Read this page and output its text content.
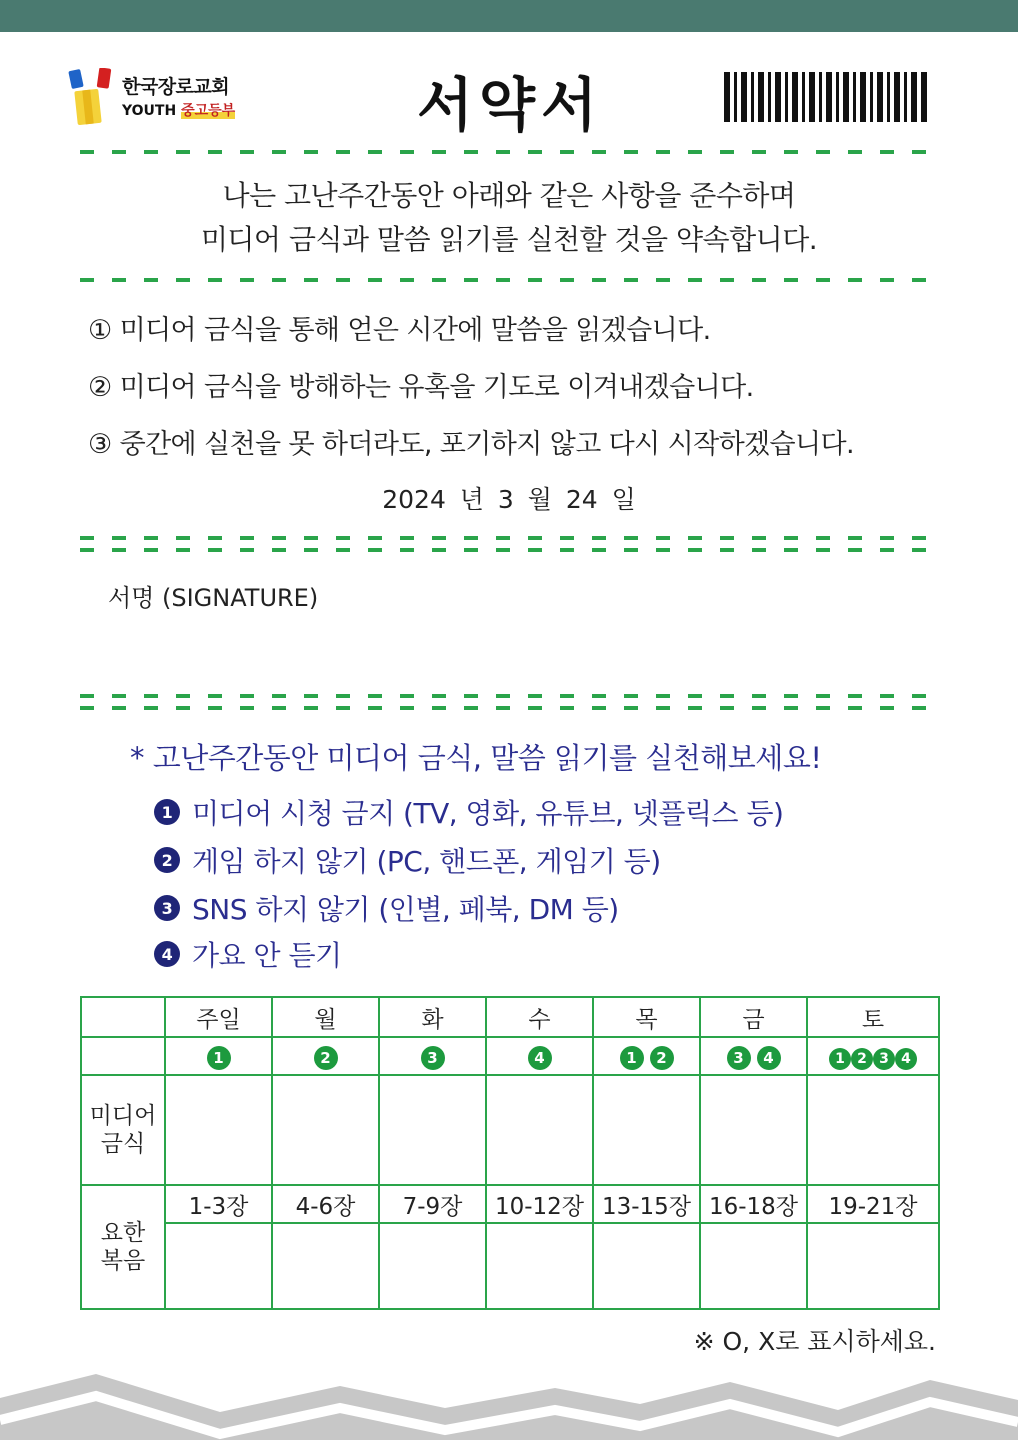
한국장로교회
YOUTH 중고등부	서약서
나는 고난주간동안 아래와 같은 사항을 준수하며
미디어 금식과 말씀 읽기를 실천할 것을 약속합니다.
① 미디어 금식을 통해 얻은 시간에 말씀을 읽겠습니다.
② 미디어 금식을 방해하는 유혹을 기도로 이겨내겠습니다.
③ 중간에 실천을 못 하더라도, 포기하지 않고 다시 시작하겠습니다.
2024 년 3 월 24 일
서명 (SIGNATURE)
* 고난주간동안 미디어 금식, 말씀 읽기를 실천해보세요!
1 미디어 시청 금지 (TV, 영화, 유튜브, 넷플릭스 등)
2 게임 하지 않기 (PC, 핸드폰, 게임기 등)
3 SNS 하지 않기 (인별, 페북, DM 등)
4 가요 안 듣기
	주일	월	화	수	목	금	토
	1	2	3	4	1 2	3 4	1 2 3 4

미디어
금식							

요한
복음	1-3장	4-6장	7-9장	10-12장	13-15장	16-18장	19-21장

※ O, X로 표시하세요.
